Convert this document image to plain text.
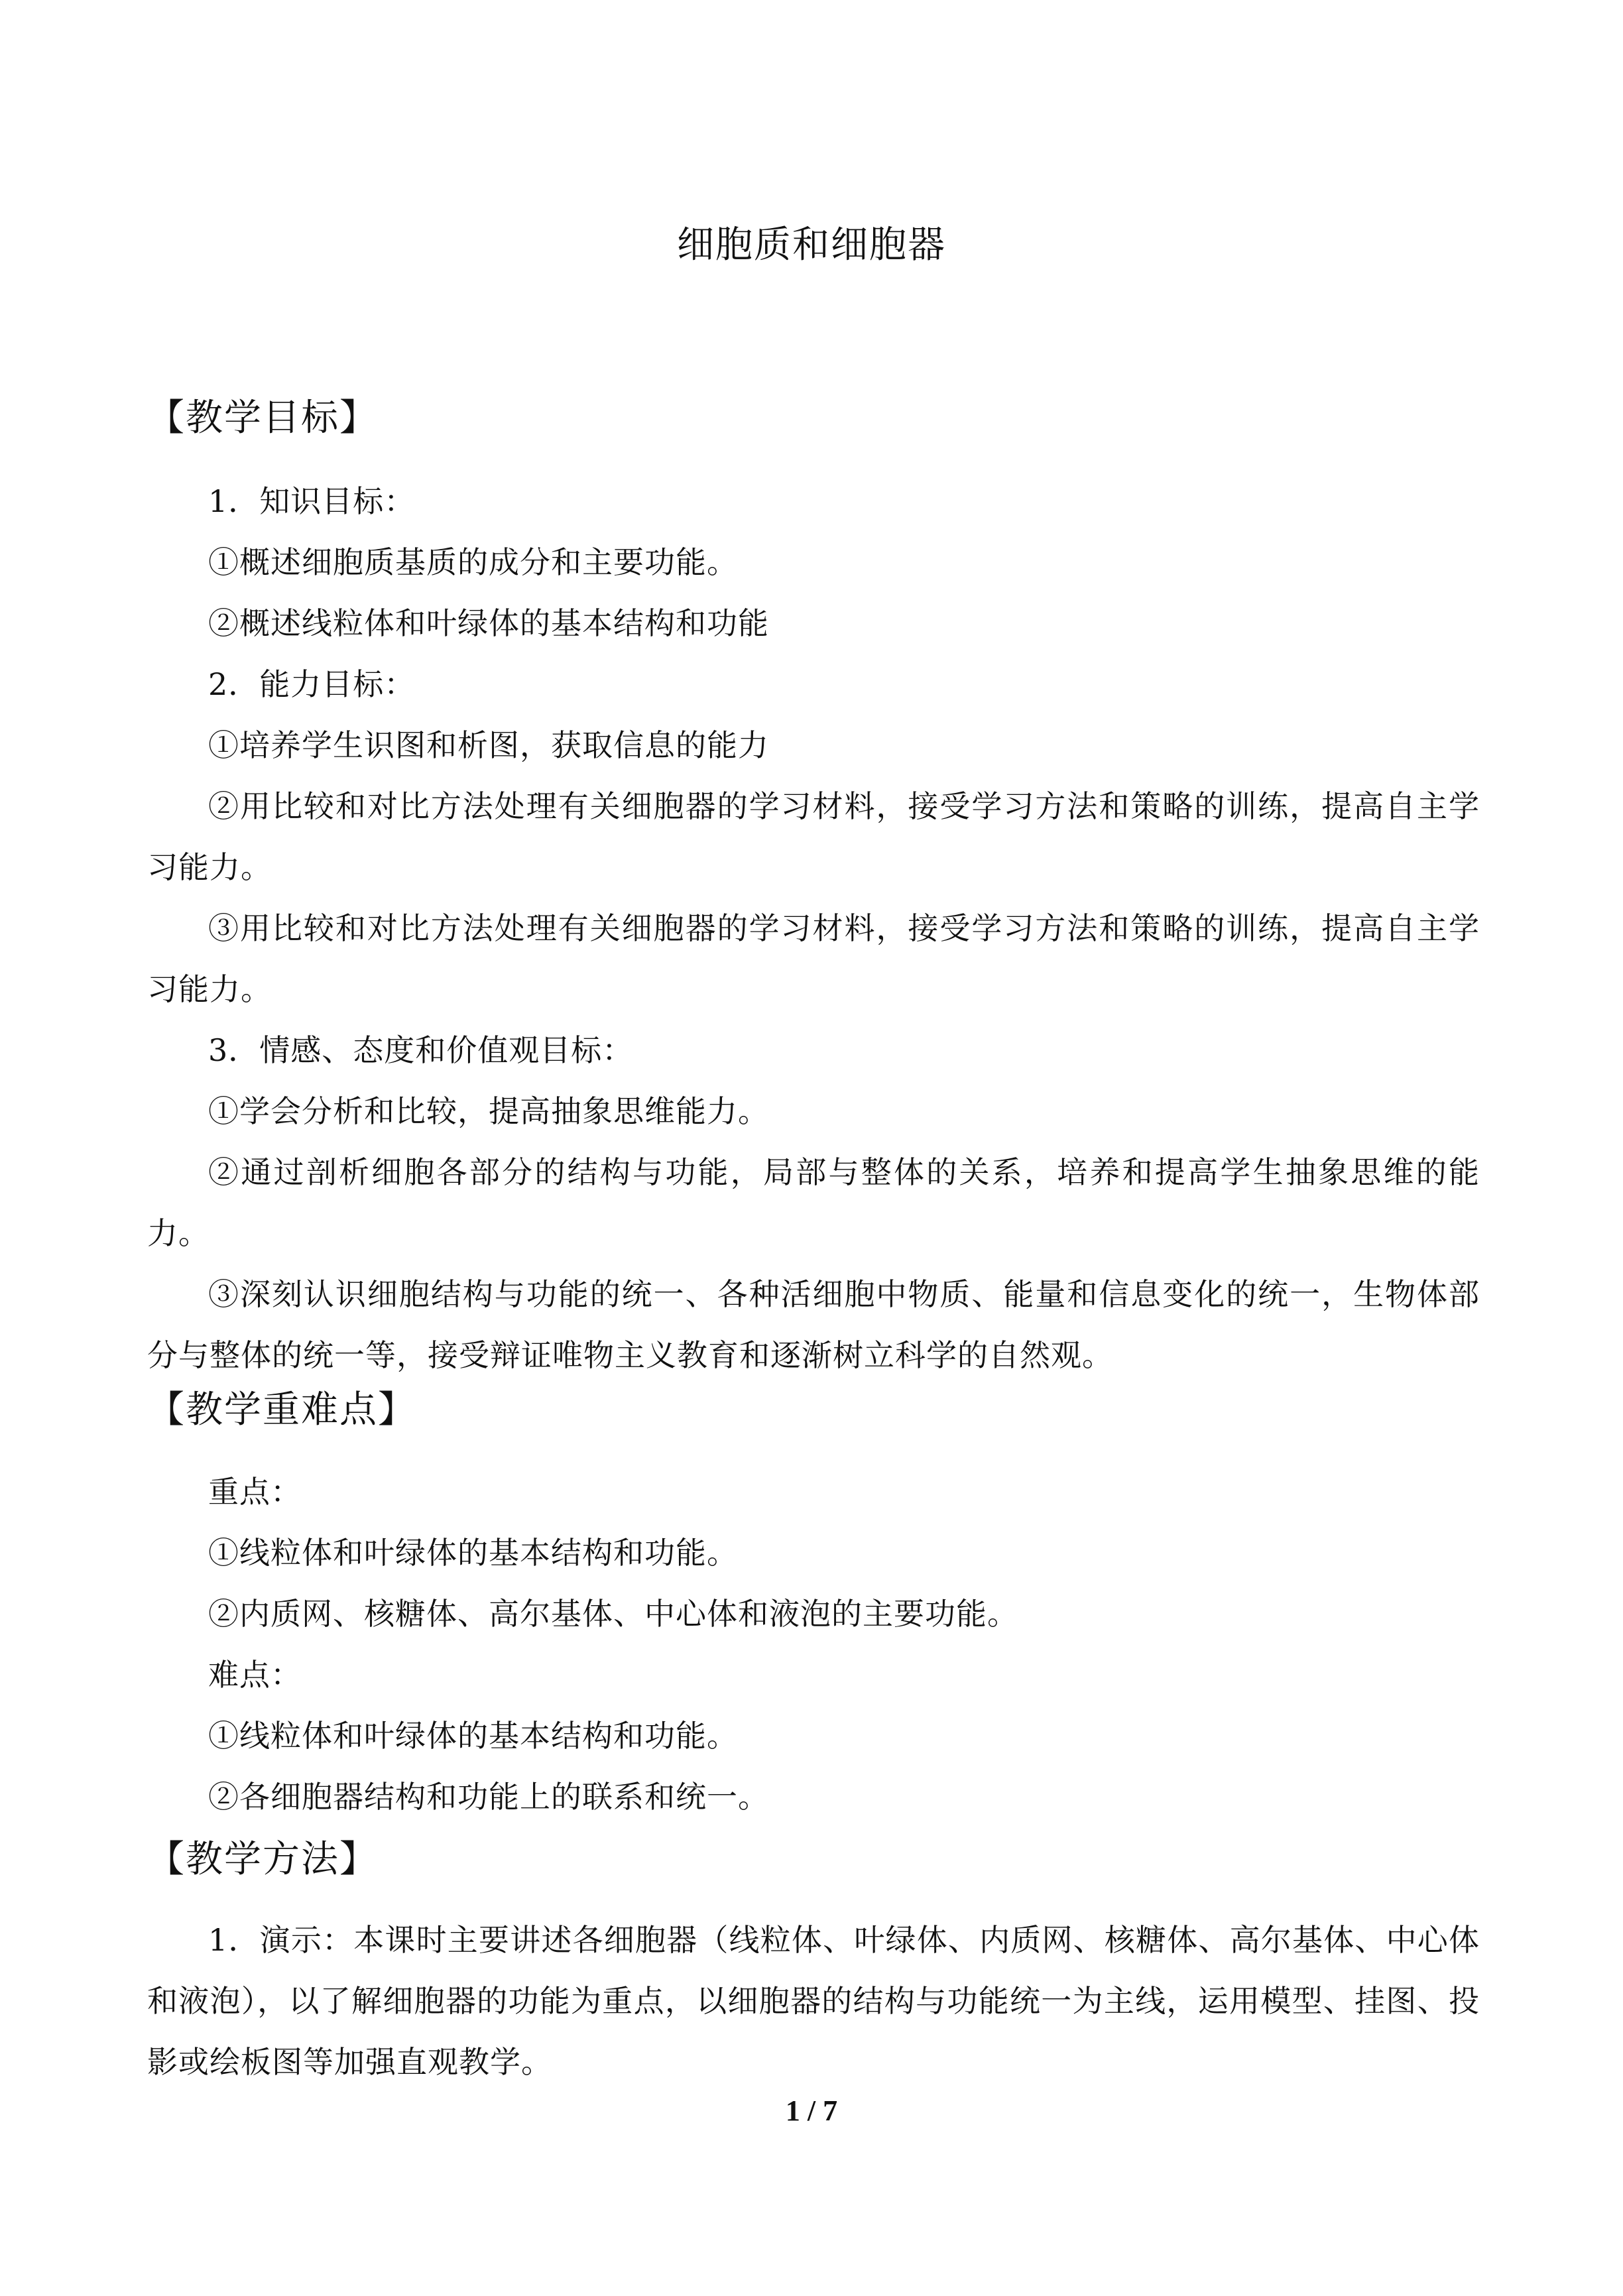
细胞质和细胞器
【教学目标】
1．知识目标：
①概述细胞质基质的成分和主要功能。
②概述线粒体和叶绿体的基本结构和功能
2．能力目标：
①培养学生识图和析图，获取信息的能力
②用比较和对比方法处理有关细胞器的学习材料，接受学习方法和策略的训练，提高自主学习能力。
③用比较和对比方法处理有关细胞器的学习材料，接受学习方法和策略的训练，提高自主学习能力。
3．情感、态度和价值观目标：
①学会分析和比较，提高抽象思维能力。
②通过剖析细胞各部分的结构与功能，局部与整体的关系，培养和提高学生抽象思维的能力。
③深刻认识细胞结构与功能的统一、各种活细胞中物质、能量和信息变化的统一，生物体部分与整体的统一等，接受辩证唯物主义教育和逐渐树立科学的自然观。
【教学重难点】
重点：
①线粒体和叶绿体的基本结构和功能。
②内质网、核糖体、高尔基体、中心体和液泡的主要功能。
难点：
①线粒体和叶绿体的基本结构和功能。
②各细胞器结构和功能上的联系和统一。
【教学方法】
1．演示：本课时主要讲述各细胞器（线粒体、叶绿体、内质网、核糖体、高尔基体、中心体和液泡），以了解细胞器的功能为重点，以细胞器的结构与功能统一为主线，运用模型、挂图、投影或绘板图等加强直观教学。
1 / 7
